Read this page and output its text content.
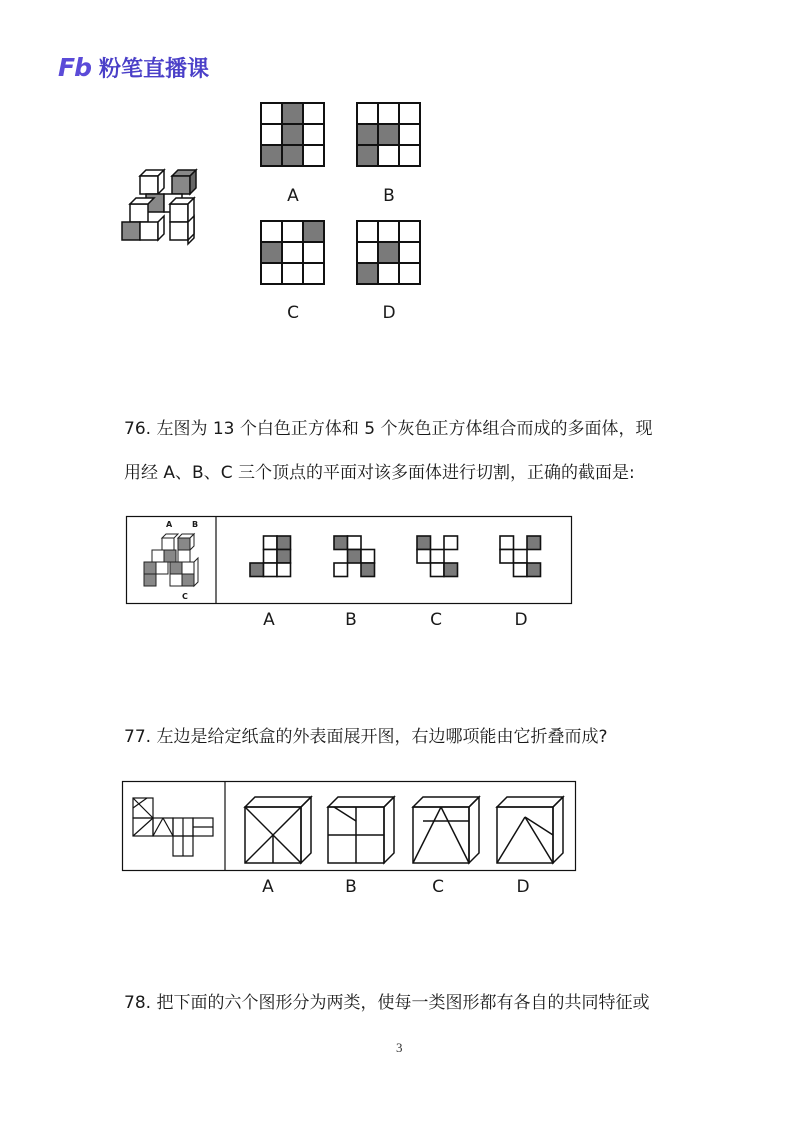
Fb 粉笔直播课
A	B
C	D
76. 左图为 13 个白色正方体和 5 个灰色正方体组合而成的多面体，现
用经 A、B、C 三个顶点的平面对该多面体进行切割，正确的截面是:
A B
C
A	B	C	D
77. 左边是给定纸盒的外表面展开图，右边哪项能由它折叠而成?
A	B	C	D
78. 把下面的六个图形分为两类，使每一类图形都有各自的共同特征或
3
